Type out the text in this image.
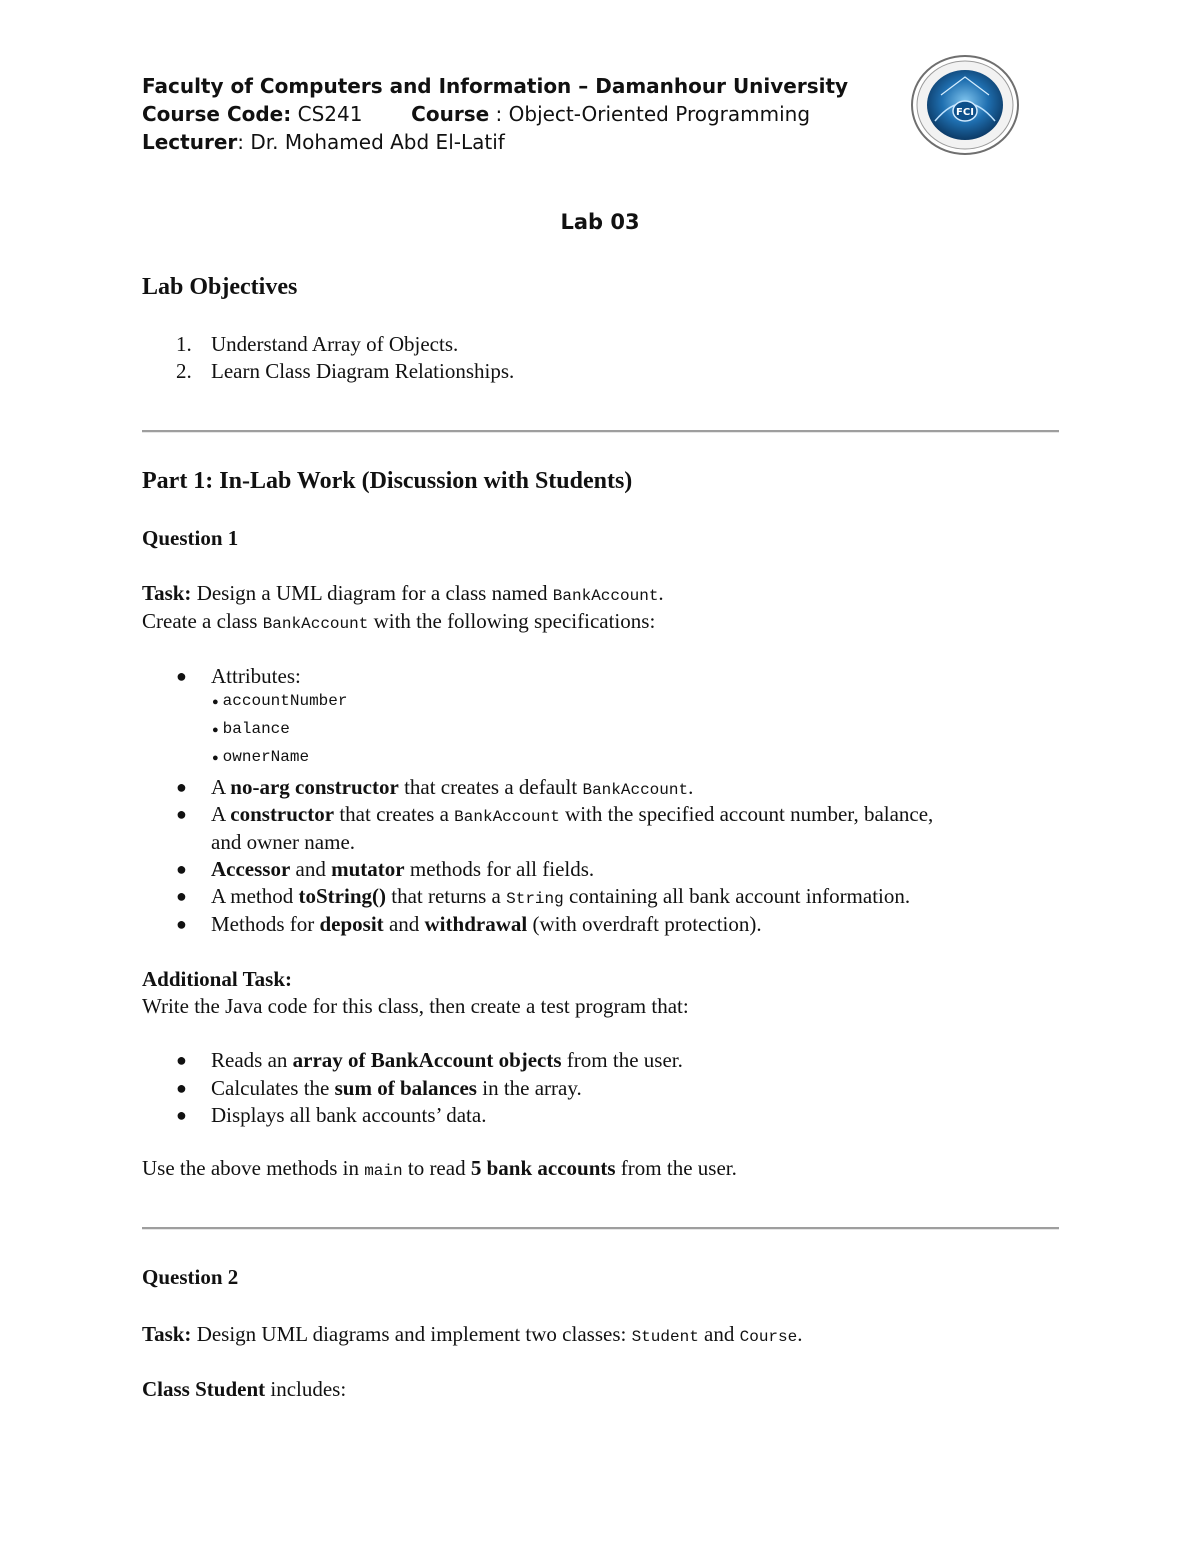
Faculty of Computers and Information – Damanhour University
Course Code: CS241 Course : Object-Oriented Programming
Lecturer: Dr. Mohamed Abd El-Latif
FCI
Lab 03
Lab Objectives
1. Understand Array of Objects.
2. Learn Class Diagram Relationships.
Part 1: In-Lab Work (Discussion with Students)
Question 1
Task: Design a UML diagram for a class named BankAccount.
Create a class BankAccount with the following specifications:
● Attributes:
● accountNumber
● balance
● ownerName
● A no-arg constructor that creates a default BankAccount.
● A constructor that creates a BankAccount with the specified account number, balance,
and owner name.
● Accessor and mutator methods for all fields.
● A method toString() that returns a String containing all bank account information.
● Methods for deposit and withdrawal (with overdraft protection).
Additional Task:
Write the Java code for this class, then create a test program that:
● Reads an array of BankAccount objects from the user.
● Calculates the sum of balances in the array.
● Displays all bank accounts’ data.
Use the above methods in main to read 5 bank accounts from the user.
Question 2
Task: Design UML diagrams and implement two classes: Student and Course.
Class Student includes:
